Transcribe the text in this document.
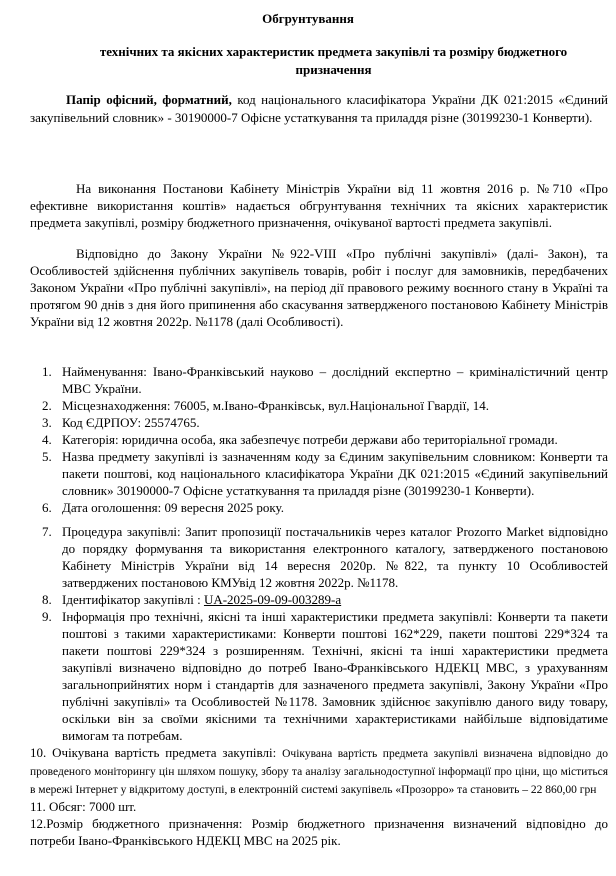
Обгрунтування
технічних та якісних характеристик предмета закупівлі та розміру бюджетного призначення
Папір офісний, форматний, код національного класифікатора України ДК 021:2015 «Єдиний закупівельний словник» - 30190000-7 Офісне устаткування та приладдя різне (30199230-1 Конверти).
На виконання Постанови Кабінету Міністрів України від 11 жовтня 2016 р. №710 «Про ефективне використання коштів» надається обгрунтування технічних та якісних характеристик предмета закупівлі, розміру бюджетного призначення, очікуваної вартості предмета закупівлі.
Відповідно до Закону України №922-VIII «Про публічні закупівлі» (далі- Закон), та Особливостей здійснення публічних закупівель товарів, робіт і послуг для замовників, передбачених Законом України «Про публічні закупівлі», на період дії правового режиму воєнного стану в Україні та протягом 90 днів з дня його припинення або скасування затвердженого постановою Кабінету Міністрів України від 12 жовтня 2022р. №1178 (далі Особливості).
1. Найменування: Івано-Франківський науково – дослідний експертно – криміналістичний центр МВС України.
2. Місцезнаходження: 76005, м.Івано-Франківськ, вул.Національної Гвардії, 14.
3. Код ЄДРПОУ: 25574765.
4. Категорія: юридична особа, яка забезпечує потреби держави або територіальної громади.
5. Назва предмету закупівлі із зазначенням коду за Єдиним закупівельним словником: Конверти та пакети поштові, код національного класифікатора України ДК 021:2015 «Єдиний закупівельний словник» 30190000-7 Офісне устаткування та приладдя різне (30199230-1 Конверти).
6. Дата оголошення: 09 вересня 2025 року.
7. Процедура закупівлі: Запит пропозиції постачальників через каталог Prozorro Market відповідно до порядку формування та використання електронного каталогу, затвердженого постановою Кабінету Міністрів України від 14 вересня 2020р. №822, та пункту 10 Особливостей затверджених постановою КМУвід 12 жовтня 2022р. №1178.
8. Ідентифікатор закупівлі : UA-2025-09-09-003289-a
9. Інформація про технічні, якісні та інші характеристики предмета закупівлі: Конверти та пакети поштові з такими характеристиками: Конверти поштові 162*229, пакети поштові 229*324 та пакети поштові 229*324 з розширенням. Технічні, якісні та інші характеристики предмета закупівлі визначено відповідно до потреб Івано-Франківського НДЕКЦ МВС, з урахуванням загальноприйнятих норм і стандартів для зазначеного предмета закупівлі, Закону України «Про публічні закупівлі» та Особливостей №1178. Замовник здійснює закупівлю даного виду товару, оскільки він за своїми якісними та технічними характеристиками найбільше відповідатиме вимогам та потребам.
10. Очікувана вартість предмета закупівлі: Очікувана вартість предмета закупівлі визначена відповідно до проведеного моніторингу цін шляхом пошуку, збору та аналізу загальнодоступної інформації про ціни, що міститься в мережі Інтернет у відкритому доступі, в електронній системі закупівель «Прозорро» та становить – 22 860,00 грн
11. Обсяг: 7000 шт.
12.Розмір бюджетного призначення: Розмір бюджетного призначення визначений відповідно до потреби Івано-Франківського НДЕКЦ МВС на 2025 рік.
